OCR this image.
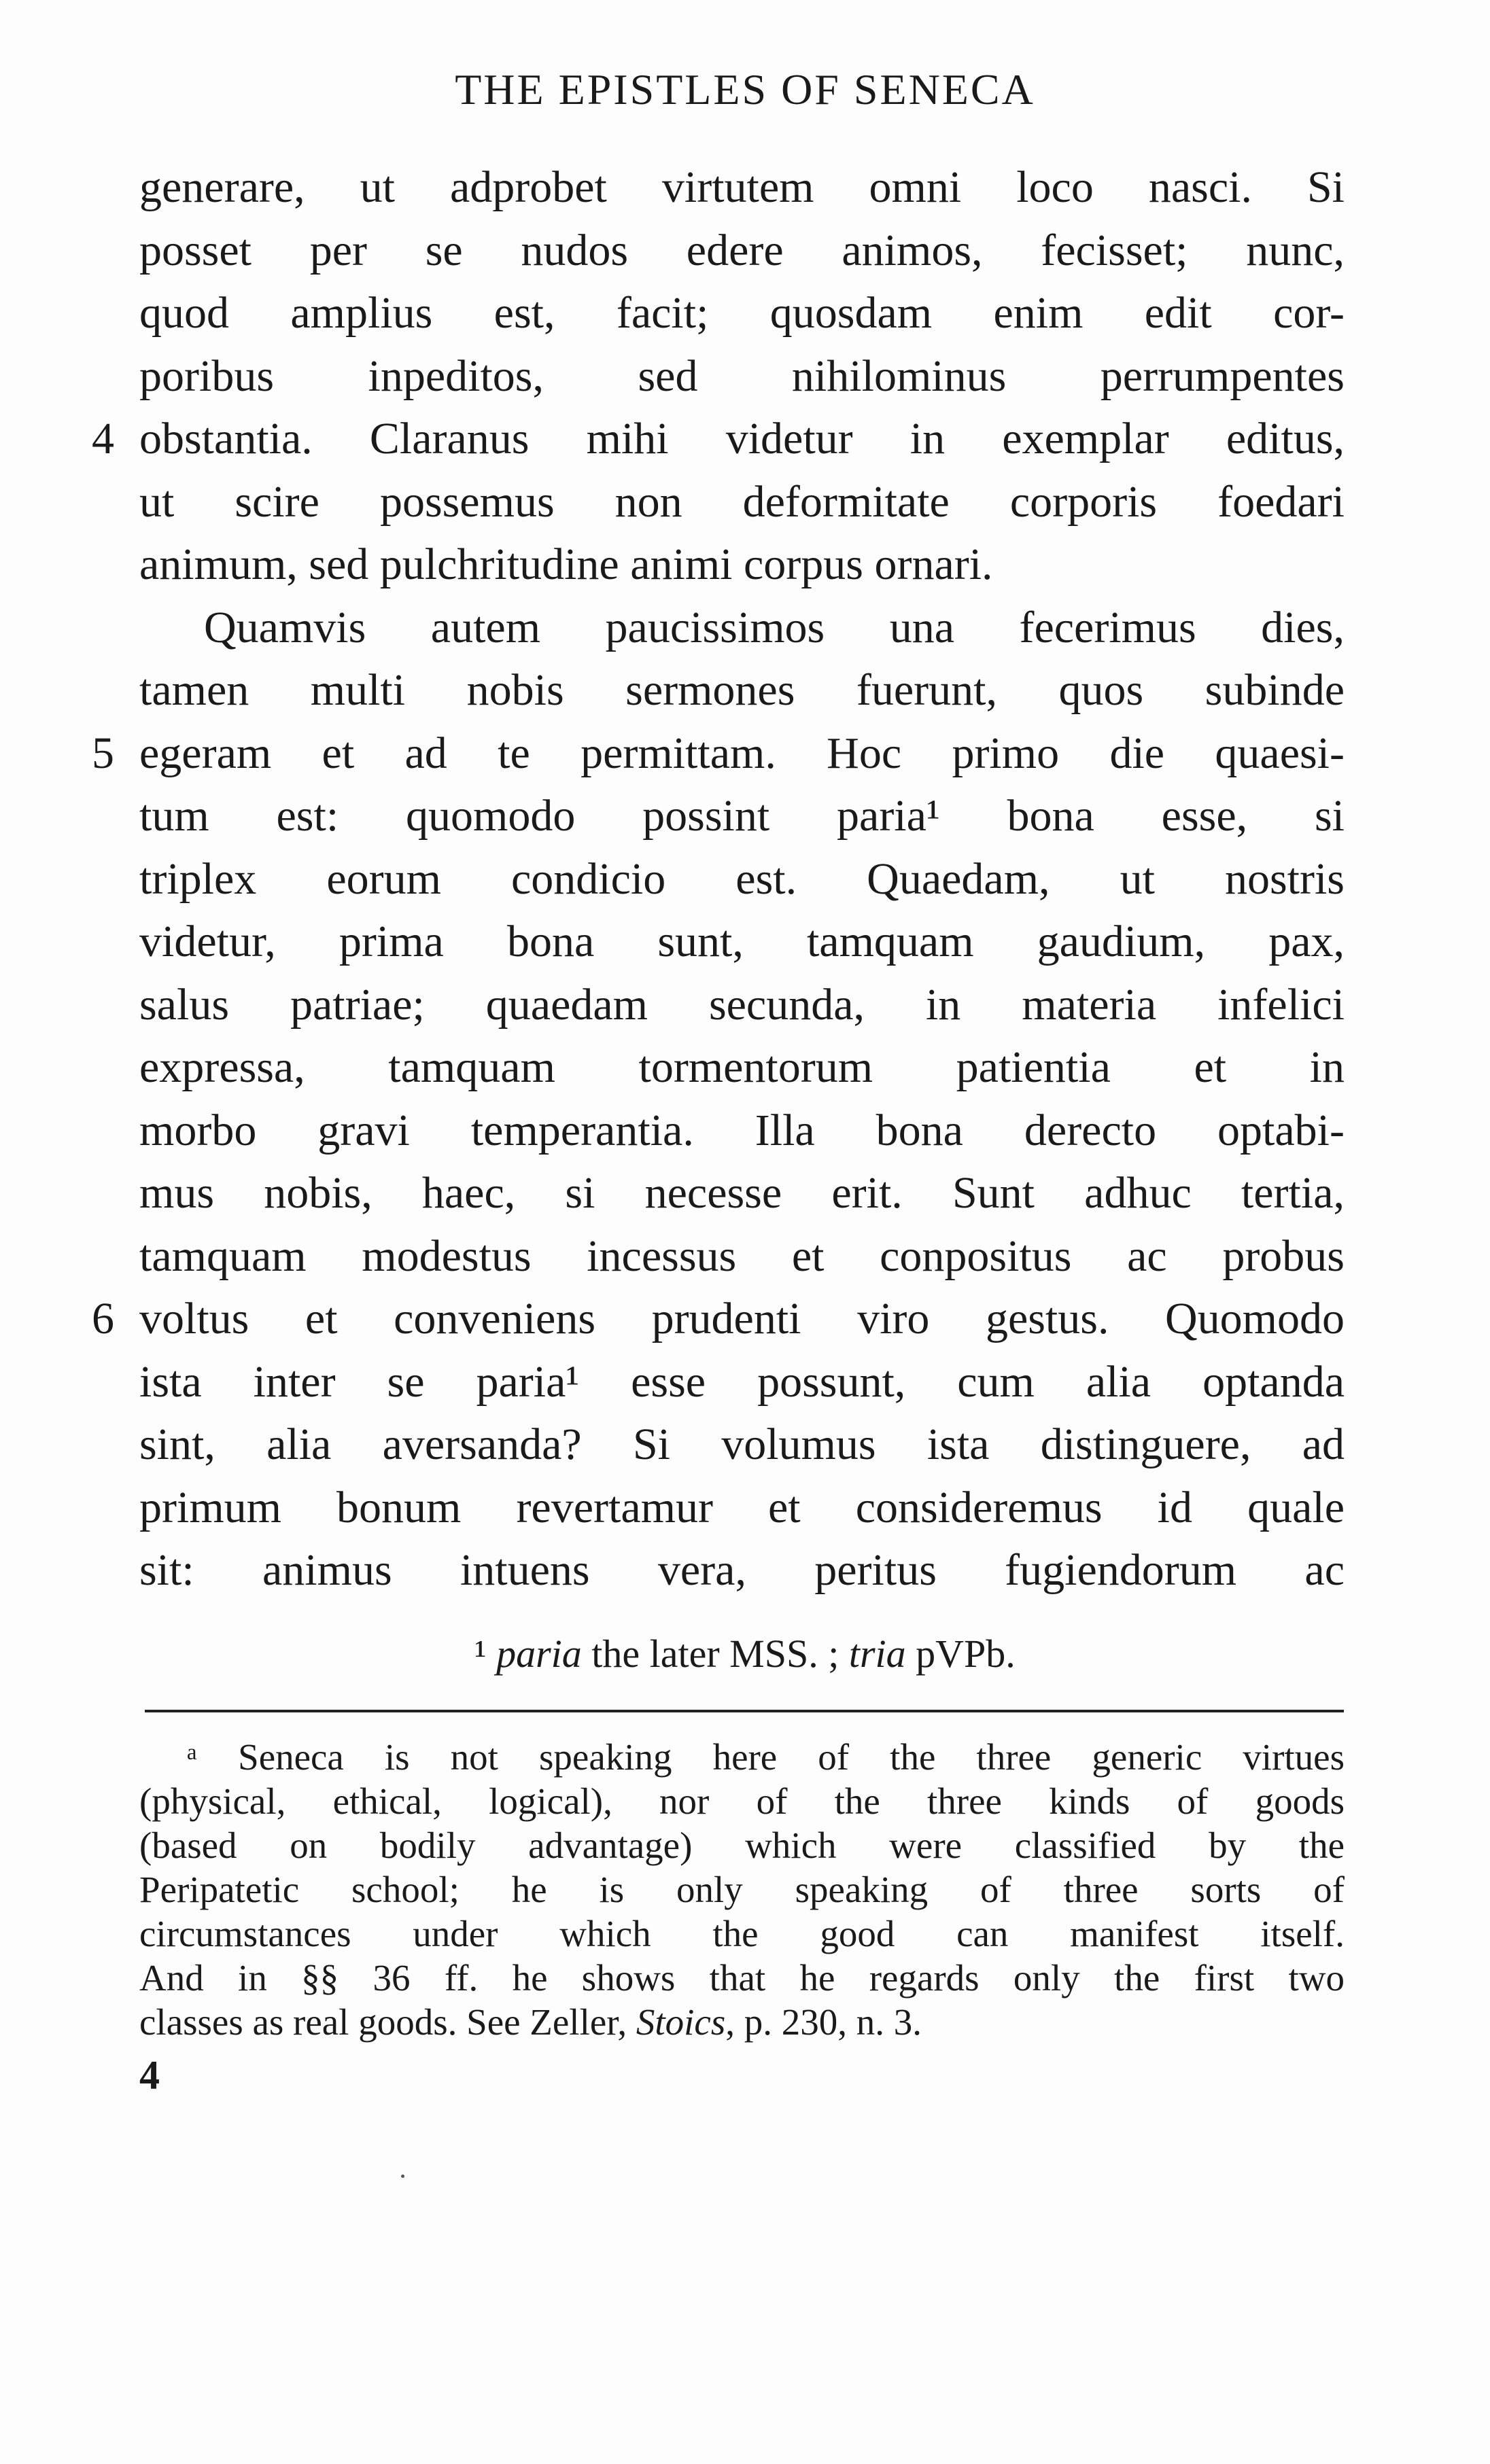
THE EPISTLES OF SENECA
generare, ut adprobet virtutem omni loco nasci. Si
posset per se nudos edere animos, fecisset; nunc,
quod amplius est, facit; quosdam enim edit cor-
poribus inpeditos, sed nihilominus perrumpentes
4 obstantia. Claranus mihi videtur in exemplar editus,
ut scire possemus non deformitate corporis foedari
animum, sed pulchritudine animi corpus ornari.
Quamvis autem paucissimos una fecerimus dies,
tamen multi nobis sermones fuerunt, quos subinde
5 egeram et ad te permittam. Hoc primo die quaesi-
tum est: quomodo possint paria¹ bona esse, si
triplex eorum condicio est. Quaedam, ut nostris
videtur, prima bona sunt, tamquam gaudium, pax,
salus patriae; quaedam secunda, in materia infelici
expressa, tamquam tormentorum patientia et in
morbo gravi temperantia. Illa bona derecto optabi-
mus nobis, haec, si necesse erit. Sunt adhuc tertia,
tamquam modestus incessus et conpositus ac probus
6 voltus et conveniens prudenti viro gestus. Quomodo
ista inter se paria¹ esse possunt, cum alia optanda
sint, alia aversanda? Si volumus ista distinguere, ad
primum bonum revertamur et consideremus id quale
sit: animus intuens vera, peritus fugiendorum ac
¹ paria the later MSS. ; tria pVPb.
ᵃ Seneca is not speaking here of the three generic virtues
(physical, ethical, logical), nor of the three kinds of goods
(based on bodily advantage) which were classified by the
Peripatetic school; he is only speaking of three sorts of
circumstances under which the good can manifest itself.
And in §§ 36 ff. he shows that he regards only the first two
classes as real goods. See Zeller, Stoics, p. 230, n. 3.
4
